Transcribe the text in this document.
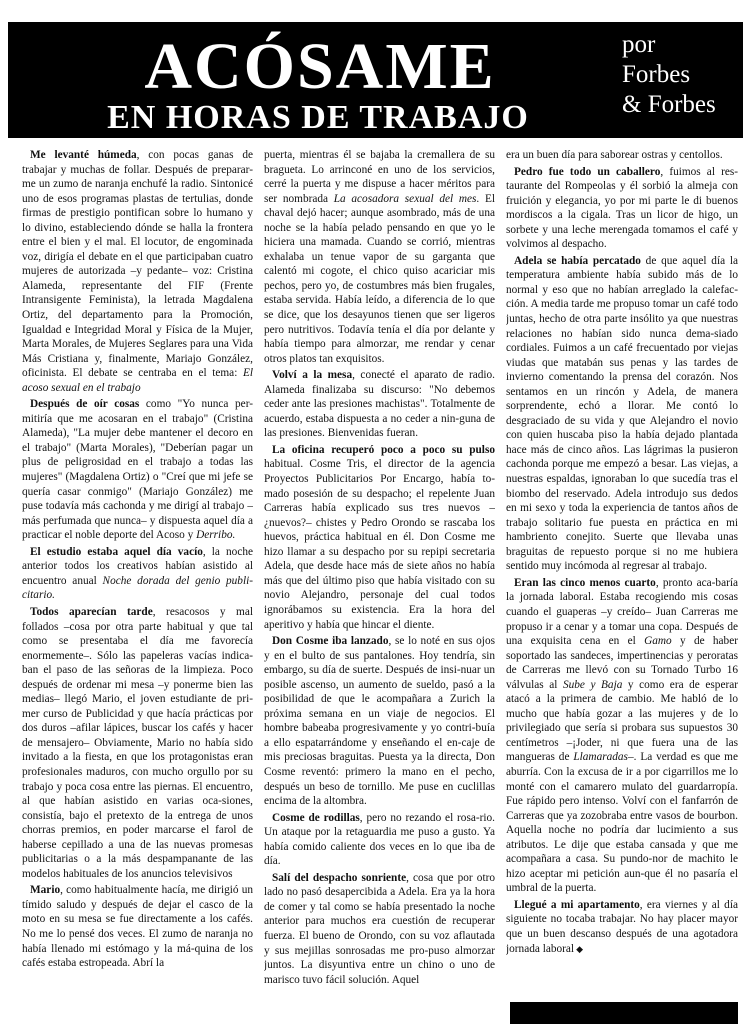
ACÓSAME
EN HORAS DE TRABAJO
por
Forbes
& Forbes

Me levanté húmeda, con pocas ganas de trabajar y muchas de follar. Después de preparar-me un zumo de naranja enchufé la radio. Sintonicé uno de esos programas plastas de tertulias, donde firmas de prestigio pontifican sobre lo humano y lo divino, estableciendo dónde se halla la frontera entre el bien y el mal. El locutor, de engominada voz, dirigía el debate en el que participaban cuatro mujeres de autorizada –y pedante– voz: Cristina Alameda, representante del FIF (Frente Intransigente Feminista), la letrada Magdalena Ortiz, del departamento para la Promoción, Igualdad e Integridad Moral y Física de la Mujer, Marta Morales, de Mujeres Seglares para una Vida Más Cristiana y, finalmente, Mariajo González, oficinista. El debate se centraba en el tema: El acoso sexual en el trabajo

Después de oír cosas como "Yo nunca per-mitiría que me acosaran en el trabajo" (Cristina Alameda), "La mujer debe mantener el decoro en el trabajo" (Marta Morales), "Deberían pagar un plus de peligrosidad en el trabajo a todas las mujeres" (Magdalena Ortiz) o "Creí que mi jefe se quería casar conmigo" (Mariajo González) me puse todavía más cachonda y me dirigí al trabajo –más perfumada que nunca– y dispuesta aquel día a practicar el noble deporte del Acoso y Derribo.

El estudio estaba aquel día vacío, la noche anterior todos los creativos habían asistido al encuentro anual Noche dorada del genio publi-citario.

Todos aparecían tarde, resacosos y mal follados –cosa por otra parte habitual y que tal como se presentaba el día me favorecía enormemente–. Sólo las papeleras vacías indica-ban el paso de las señoras de la limpieza. Poco después de ordenar mi mesa –y ponerme bien las medias– llegó Mario, el joven estudiante de pri-mer curso de Publicidad y que hacía prácticas por dos duros –afilar lápices, buscar los cafés y hacer de mensajero– Obviamente, Mario no había sido invitado a la fiesta, en que los protagonistas eran profesionales maduros, con mucho orgullo por su trabajo y poca cosa entre las piernas. El encuentro, al que habían asistido en varias oca-siones, consistía, bajo el pretexto de la entrega de unos chorras premios, en poder marcarse el farol de haberse cepillado a una de las nuevas promesas publicitarias o a la más despampanante de las modelos habituales de los anuncios televisivos

Mario, como habitualmente hacía, me dirigió un tímido saludo y después de dejar el casco de la moto en su mesa se fue directamente a los cafés. No me lo pensé dos veces. El zumo de naranja no había llenado mi estómago y la má-quina de los cafés estaba estropeada. Abrí la

puerta, mientras él se bajaba la cremallera de su bragueta. Lo arrinconé en uno de los servicios, cerré la puerta y me dispuse a hacer méritos para ser nombrada La acosadora sexual del mes. El chaval dejó hacer; aunque asombrado, más de una noche se la había pelado pensando en que yo le hiciera una mamada. Cuando se corrió, mientras exhalaba un tenue vapor de su garganta que calentó mi cogote, el chico quiso acariciar mis pechos, pero yo, de costumbres más bien frugales, estaba servida. Había leído, a diferencia de lo que se dice, que los desayunos tienen que ser ligeros pero nutritivos. Todavía tenía el día por delante y había tiempo para almorzar, me rendar y cenar otros platos tan exquisitos.

Volví a la mesa, conecté el aparato de radio. Alameda finalizaba su discurso: "No debemos ceder ante las presiones machistas". Totalmente de acuerdo, estaba dispuesta a no ceder a nin-guna de las presiones. Bienvenidas fueran.

La oficina recuperó poco a poco su pulso habitual. Cosme Tris, el director de la agencia Proyectos Publicitarios Por Encargo, había to-mado posesión de su despacho; el repelente Juan Carreras había explicado sus tres nuevos –¿nuevos?– chistes y Pedro Orondo se rascaba los huevos, práctica habitual en él. Don Cosme me hizo llamar a su despacho por su repipi secretaria Adela, que desde hace más de siete años no había más que del último piso que había visitado con su novio Alejandro, personaje del cual todos ignorábamos su existencia. Era la hora del aperitivo y había que hincar el diente.

Don Cosme iba lanzado, se lo noté en sus ojos y en el bulto de sus pantalones. Hoy tendría, sin embargo, su día de suerte. Después de insi-nuar un posible ascenso, un aumento de sueldo, pasó a la posibilidad de que le acompañara a Zurich la próxima semana en un viaje de negocios. El hombre babeaba progresivamente y yo contri-buía a ello espatarrándome y enseñando el en-caje de mis preciosas braguitas. Puesta ya la directa, Don Cosme reventó: primero la mano en el pecho, después un beso de tornillo. Me puse en cuclillas encima de la altombra.

Cosme de rodillas, pero no rezando el rosa-rio. Un ataque por la retaguardia me puso a gusto. Ya había comido caliente dos veces en lo que iba de día.

Salí del despacho sonriente, cosa que por otro lado no pasó desapercibida a Adela. Era ya la hora de comer y tal como se había presentado la noche anterior para muchos era cuestión de recuperar fuerza. El bueno de Orondo, con su voz aflautada y sus mejillas sonrosadas me pro-puso almorzar juntos. La disyuntiva entre un chino o uno de marisco tuvo fácil solución. Aquel

era un buen día para saborear ostras y centollos.

Pedro fue todo un caballero, fuimos al res-taurante del Rompeolas y él sorbió la almeja con fruición y elegancia, yo por mi parte le di buenos mordiscos a la cigala. Tras un licor de higo, un sorbete y una leche merengada tomamos el café y volvimos al despacho.

Adela se había percatado de que aquel día la temperatura ambiente había subido más de lo normal y eso que no habían arreglado la calefac-ción. A media tarde me propuso tomar un café todo juntas, hecho de otra parte insólito ya que nuestras relaciones no habían sido nunca dema-siado cordiales. Fuimos a un café frecuentado por viejas viudas que matabán sus penas y las tardes de invierno comentando la prensa del corazón. Nos sentamos en un rincón y Adela, de manera sorprendente, echó a llorar. Me contó lo desgraciado de su vida y que Alejandro el novio con quien huscaba piso la había dejado plantada hace más de cinco años. Las lágrimas la pusieron cachonda porque me empezó a besar. Las viejas, a nuestras espaldas, ignoraban lo que sucedía tras el biombo del reservado. Adela introdujo sus dedos en mi sexo y toda la experiencia de tantos años de trabajo solitario fue puesta en práctica en mi hambriento conejito. Suerte que llevaba unas braguitas de repuesto porque si no me hubiera sentido muy incómoda al regresar al trabajo.

Eran las cinco menos cuarto, pronto aca-baría la jornada laboral. Estaba recogiendo mis cosas cuando el guaperas –y creído– Juan Carreras me propuso ir a cenar y a tomar una copa. Después de una exquisita cena en el Gamo y de haber soportado las sandeces, impertinencias y peroratas de Carreras me llevó con su Tornado Turbo 16 válvulas al Sube y Baja y como era de esperar atacó a la primera de cambio. Me habló de lo mucho que había gozar a las mujeres y de lo privilegiado que sería si probara sus supuestos 30 centímetros –¡Joder, ni que fuera una de las mangueras de Llamaradas–. La verdad es que me aburría. Con la excusa de ir a por cigarrillos me lo monté con el camarero mulato del guardarropía. Fue rápido pero intenso. Volví con el fanfarrón de Carreras que ya zozobraba entre vasos de bourbon. Aquella noche no podría dar lucimiento a sus atributos. Le dije que estaba cansada y que me acompañara a casa. Su pundo-nor de machito le hizo aceptar mi petición aun-que él no pasaría el umbral de la puerta.

Llegué a mi apartamento, era viernes y al día siguiente no tocaba trabajar. No hay placer mayor que un buen descanso después de una agotadora jornada laboral ◆
